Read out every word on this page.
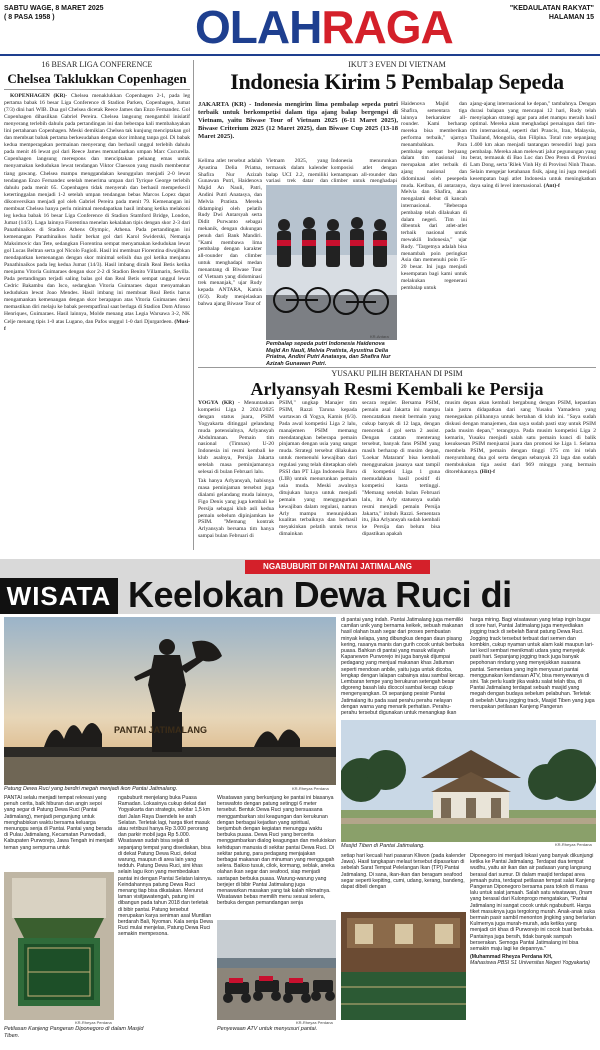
SABTU WAGE, 8 MARET 2025
( 8 PASA 1958 )	OLAHRAGA	"KEDAULATAN RAKYAT"
HALAMAN 15
16 BESAR LIGA CONFERENCE
Chelsea Taklukkan Copenhagen

KOPENHAGEN (KR)- Chelsea menaklukkan Copenhagen 2-1, pada leg pertama babak 16 besar Liga Conference di Stadion Parken, Copenhagen, Jumat (7/3) dini hari WIB. Dua gol Chelsea dicetak Reece James dan Enzo Fernandez. Gol Copenhagen dihasilkan Gabriel Pereira. Chelsea langsung mengambil inisiatif menyerang terlebih dahulu pada pertandingan ini dan beberapa kali membahayakan lini pertahanan Copenhagen. Meski demikian Chelsea tak kunjung menciptakan gol dan membuat babak pertama berkesudahan dengan skor imbang tanpa gol. Di babak kedua memperagakan permainan menyerang dan berhasil unggul terlebih dahulu pada menit 46 lewat gol dari Reece James memanfaatkan umpan Marc Cucurella. Copenhagen langsung merespons dan menciptakan peluang emas untuk menyamakan kedudukan lewat tendangan Viktor Claesson yang masih membentur tiang gawang. Chelsea mampu menggandakan keunggulan menjadi 2-0 lewat tendangan Enzo Fernandez setelah menerima umpan dari Tyrique George terlebih dahulu pada menit 65. Copenhagen tidak menyerah dan berhasil memperkecil ketertinggalan menjadi 1-2 setelah umpan tendangan bebas Marcos Lopez dapat dikonversikan menjadi gol oleh Gabriel Pereira pada menit 79. Kemenangan ini membuat Chelsea hanya perlu minimal mendapatkan hasil imbang ketika melakoni leg kedua babak 16 besar Liga Conference di Stadion Stamford Bridge, London, Jumat (14/3). Laga lainnya Fiorentina menelan kekalahan tipis dengan skor 2-3 dari Panathinaikos di Stadion Athens Olympic, Athena. Pada pertandingan ini kemenangan Panathinaikos hadir berkat gol dari Karol Swiderski, Nemanja Maksimovic dan Tete, sedangkan Fiorentina sempat menyamakan kedudukan lewat gol Lucas Beltran serta gol Nicolo Fagioli. Hasil ini membuat Fiorentina diwajibkan mendapatkan kemenangan dengan skor minimal selisih dua gol ketika menjamu Panathinaikos pada leg kedua Jumat (14/3). Hasil imbang diraih Real Betis ketika menjamu Vitoria Guimaraes dengan skor 2-2 di Stadion Benito Villamarin, Sevilla. Pada pertandingan terjadi saling balas gol dan Real Betis sempat unggul lewat Cedric Bakambu dan Isco, sedangkan Vitoria Guimaraes dapat menyamakan kedudukan lewat Joao Mendes. Hasil imbang ini membuat Real Betis harus mengamankan kemenangan dengan skor berapapun atas Vitoria Guimaraes demi memastikan diri melaju ke babak perempatfinal saat berlaga di Stadion Dom Afonso Henriques, Guimaraes. Hasil lainnya, Molde menang atas Legia Warsawa 3-2, NK Celje menang tipis 1-0 atas Lugano, dan Pafos unggul 1-0 dari Djurgardeen. (Musi-f

IKUT 3 EVEN DI VIETNAM
Indonesia Kirim 5 Pembalap Sepeda

JAKARTA (KR) - Indonesia mengirim lima pembalap sepeda putri terbaik untuk berkompetisi dalam tiga ajang balap bergengsi di Vietnam, yaitu Biwase Tour of Vietnam 2025 (6-11 Maret 2025), Biwase Criterium 2025 (12 Maret 2025), dan Biwase Cup 2025 (13-18 Maret 2025).

Kelima atlet tersebut adalah Ayustina Delia Priatna, Shafira Nur Azizah Gunawan Putri, Haidenova Majid An Nauli, Patri, Andini Putri Anatasya, dan Melvia Pratista. Mereka didampingi oleh pelatih Rudy Dwi Antarsyah serta Didit Purwanto sebagai mekanik, dengan dukungan penuh dari Bank Mandiri. "Kami membawa lima pembalap dengan karakter all-rounder dan climber untuk menghadapi medan menantang di Biwase Tour of Vietnam yang didominasi trek menanjak," ujar Rudy kepada ANTARA, Kamis (6/3). Rudy menjelaskan bahwa ajang Biwase Tour of

Vietnam 2025, yang termasuk dalam kalender balap UCI 2.2, memiliki variasi trek datar dan

Indonesia menurunkan komposisi atlet dengan kemampuan all-rounder dan climber untuk menghadapi

KR-Antara
Pembalap sepeda putri Indonesia Haidenova Majid An Nauli, Melvia Pratista, Ayustina Delia Priatna, Andini Putri Anatasya, dan Shafira Nur Azizah Gunawan Putri.

Haidenova Majid dan Shafira, sementara tiga lainnya berkarakter all-rounder. Kami berharap mereka bisa memberikan performa terbaik," ujarnya menambahkan. Para pembalap sempat berjuang dalam tim nasional itu merupakan atlet terbaik di ajang nasional dan didominasi oleh pesepeda muda. Ketiban, di antaranya, Melvia dan Shafira, akan mengalami debut di kancah internasional. "Beberapa pembalap telah dilakukan di dalam negeri. Tim ini dibentuk dari atlet-atlet terbaik nasional untuk mewakili Indonesia," ujar Rudy. "Targetnya adalah bisa menambah poin peringkat Asia dan memenuhi poin 15-20 besar. Ini juga menjadi kesempatan bagi kami untuk melakukan regenerasi pembalap untuk

ajang-ajang internasional ke depan," tambahnya. Dengan durasi balapan yang mencapai 12 hari, Rudy telah menyiapkan strategi agar para atlet mampu meraih hasil optimal. Mereka akan menghadapi persaingan dari tim-tim internasional, seperti dari Prancis, Iran, Malaysia, Thailand, Mongolia, dan Filipina. Total rute sepanjang 1.400 km akan menjadi tantangan tersendiri bagi para pembalap. Mereka akan melewati jalur pegunungan yang berat, termasuk di Bao Loc dan Deo Prenn di Provinsi Lam Dong, serta 'Rilek Vinh Hy di Provinsi Ninh Thuan. Selain mengejar ketahanan fisik, ajang ini juga menjadi kesempatan bagi atlet Indonesia untuk meningkatkan daya saing di level internasional. (Ant)-f

YUSAKU PILIH BERTAHAN DI PSIM
Arlyansyah Resmi Kembali ke Persija

YOGYA (KR) - Menuntaskan kompetisi Liga 2 2024/2025 dengan status juara, PSIM Yogyakarta ditinggal gelandang muda potensialnya, Arlyansyah Abdulmanan. Pemain tim nasional (Timnas) U-20 Indonesia ini resmi kembali ke klub asalnya, Persija Jakarta setelah masa peminjamannya selesai di bulan Februari lalu.

Tak hanya Arlyansyah, habisnya masa peminjaman tersebut juga dialami gelandang muda lainnya, Figo Denis yang juga kembali ke Persija sebagai klub asli kedua pemain sebelum dipinjamkan ke PSIM. "Memang kontrak Arlyansyah bersama tim hanya sampai bulan Februari di

PSIM," ungkap Manajer tim PSIM, Razzi Taruna kepada wartawan di Yogya, Kamis (6/3). Pada awal kompetisi Liga 2 lalu, manajemen PSIM memang mendatangkan beberapa pemain pinjaman dengan usia yang sangat muda. Strategi tersebut dilakukan untuk memenuhi kewajiban dari regulasi yang telah ditetapkan oleh PSSI dan PT Liga Indonesia Baru (LIB) untuk menurunkan pemain usia muda. Meski awalnya ditujukan hanya untuk menjadi pemain yang menggugurkan kewajiban dalam regulasi, namun Arly mampu menunjukkan kualitas terbaiknya dan berhasil meyakinkan pelatih untuk terus dimainkan

secara reguler. Bersama PSIM, pemain asal Jakarta ini mampu mencatatkan menit bermain yang cukup banyak di 12 laga, dengan mencetak 4 gol serta 2 assist. Dengan catatan menterang tersebut, banyak fans PSIM yang masih berharap di musim depan, 'Loekar Mataram' bisa kembali menggunakan jasanya saat tampil di kompetisi Liga 1 guna memudahkan hasil positif di kompetisi kasta tertinggi. "Memang setelah bulan Februari lalu, itu Arly statusnya sudah resmi menjadi pemain Persija Jakarta," imbuh Razzi. Sementara itu, jika Arlyansyah sudah kembali ke Persija dan belum bisa dipastikan apakah

musim depan akan kembali bergabung dengan PSIM, kepastian lain justru didapatkan dari sang Yusaku Yamadera yang menegaskan pilihannya untuk bertahan di klub ini. "Saya sudah diskusi dengan manajemen, dan saya sudah pasti stay untuk PSIM pada musim depan," terangnya. Pada musim kompetisi Liga 2 kemarin, Yusaku menjadi salah satu pemain kunci di balik kesuksesan PSIM menjuarai juara dan promosi ke Liga 1. Selama membela PSIM, pemain dengan tinggi 175 cm ini telah menyumbang dua gol serta dengan sebanyak 23 laga dan sudah membukukan tiga assist dari 969 minggu yang bermain ditorehkannya. (Hit)-f

NGABUBURIT DI PANTAI JATIMALANG
WISATA Keelokan Dewa Ruci di
PANTAI JATIMALANG
KR-Rheyza Perdana
Patung Dewa Ruci yang berdiri megah menjadi ikon Pantai Jatimalang.

di pantai yang indah. Pantai Jatimalang juga memiliki camilan unik yang bernama keikek, sebuah makanan hasil olahan buah segar dari proses pembuatan minyak kelapa, yang dibungkus dengan daun pisang kering, rasanya manis dan gurih cocok untuk berbuka puasa. Bahkan di pantai yang masuk wilayah Kapanewon Purworejo ini juga banyak dijumpai pedagang yang menjual makanan khas Jatiuman seperti mendoan anbile, yaitu juga untuk dicoba, lengkap dengan lalapan cabainya atau sambal kecap. Lembaran tempe yang berukuran setengah besar digoreng basah lalu dicocol sambal kecap cukup mengenyangkan. Di sepanjang pesisir Pantai Jatimalang itu pada saat perahu perahu nelayan dengan warna yang menarik perhatian. Perahu-perahu tersebut digunakan untuk menangkap ikan

harga miring. Bagi wisatawan yang tetap ingin bugar di sore hari, Pantai Jatimalang juga menyediakan jogging track di sebelah Barat patung Dewa Ruci. Jogging track tersebut terbuat dari semen dan kombkin, cukup nyaman untuk alam kaki maupun lari-lari kecil sembari menikmati udara yang menyejuk pasti hari. Sepanjang jogging track juga banyak pepohonan rindang yang menyejukkan suasana pantai. Sementara yang ingin menyusuri pantai menggunakan kendaraan ATV, bisa menyewanya di sini. Tak perlu kuatir jika waktu salat telah tiba, di Pantai Jatimalang terdapat sebuah masjid yang megah dengan budaya sebelum pelabuhan. Terletak di sebelah Utara jogging track, Masjid Tiben yang juga merupakan petilasan Kanjeng Pangeran

PANTAI selalu menjadi tempat rekreasi yang penuh cerita, baik hiburan dan angin sepoi yang segar di Patung Dewa Ruci (Pantai Jatimalang), menjadi pengunjung untuk menghabiskan waktu bersama keluarga menunggu senja di Pantai. Pantai yang berada di Pulau Jatimalang, Kecamatan Purwodadi, Kabupaten Purworejo, Jawa Tengah ini menjadi teman yang sempurna untuk

KR-Rheyza Perdana
Petilasan Kanjeng Pangeran Diponegoro di dalam Masjid Tiben.

ngabuburit menjelang buka Puasa Ramadan. Lokasinya cukup dekat dari Yogyakarta dan strategis, sekitar 1,5 km dari Jalan Raya Daendels ke arah Selatan. Terletak lagi, harga tiket masuk atau retribusi hanya Rp 3.000 perorang dan parkir mobil juga Rp 5.000. Wisatawan sudah bisa sejak di sepanjang tempat yang disediakan, bisa di dekat Patung Dewa Ruci, dekat warung, maupun di area lain yang tedduh. Patung Dewa Ruci, sini khas selain lagu ikon yang membedakan pantai ini dengan Pantai Selatan lainnya. Keindahannya patung Dewa Ruci menang tiap bisa dikatakan. Menurut laman visitjawatengah, patung ini dibangun pada tahun 2018 dan terletak di bibir pantai. Patung tersebut merupakan karya seniman asal Muntilan berdarah Bali, Nyoman. Kala senja Dewa Ruci mulai menjelas, Patung Dewa Ruci semakin mempesona.

Wisatawan yang berkunjung ke pantai ini biasanya berswafoto dengan patung setinggi 6 meter tersebut. Bentuk Dewa Ruci yang bersuasana menggambarkan sisi keagungan dan kerukunan dengan berbagai kejadian yang spiritual, berjumbuh dengan kegiatan menunggu waktu berbuka puasa. Dewa Ruci yang bercerita menggambarkan dialog keagungan dan melukiskan kehidupan manusia di sekitar pantai Dewa Ruci. Di sekitar patung, para pedagang menjajakan berbagai makanan dan minuman yang menggugah selera. Baikso tusuk, cilok, kormang, seblak, aneka olahan ikan segar dan seafood, siap menjadi santapan berbuka puasa. Warung-warung yang berjejer di bibir Pantai Jatimalang juga menawarkan masakan yang tak kalah nikmatnya. Wisatawan bebas memilih menu sesuai selera, berbuka dengan pemandangan senja

KR-Rheyza Perdana
Penyewaan ATV untuk menyusuri pantai.
KR-Rheyza Perdana
Masjid Tiben di Pantai Jatimalang.

setiap hari kecuali hari pasaran Kliwon (pada kalender Jawa). Hasil tangkapan melaut tersebut dipasarkan di sebelah Sarat Tempat Pelelangan Ikan (TPI) Pantai Jatimalang. Di sana, ikan-ikan dan beragam seafood segar seperti kepiting, cumi, udang, kerang, bandeng, dapat dibeli dengan

Diponegoro ini menjadi lokasi yang banyak dikunjungi ketika ke Pantai Jatimalang. Terdapat dua tempat wudhu, yaitu air ikan dan air padasan yang langsung berasal dari sumur. Di dalam masjid terdapat area jemaah putra, terdapat petilasan tempat salat Kanjeng Pangeran Diponegoro bersama para tokoh di masa lalu untuk salat jamaah. Salah satu wisatawan, (Inam yang berasal dari Kulonprogo mengatakan, "Pantai Jatimalang ini sangat cocok untuk ngabuburit. Harga tiket masuknya juga tergolong murah. Anak-anak suka bermain pasir sambil menonton jingking yang berlarian Kulmerrya juga murah-murah, ada ketika yang menjadi ciri khas di Purworejo ini cocok buat berbuka. Pantainya juga bersih, tidak banyak sampah berserakan. Semoga Pantai Jatimalang ini bisa semakin maju lagi ke depannya."

(Muhammad Rheyza Perdana KH,

Mahasiswa PBSI S1 Universitas Negeri Yogyakarta)
